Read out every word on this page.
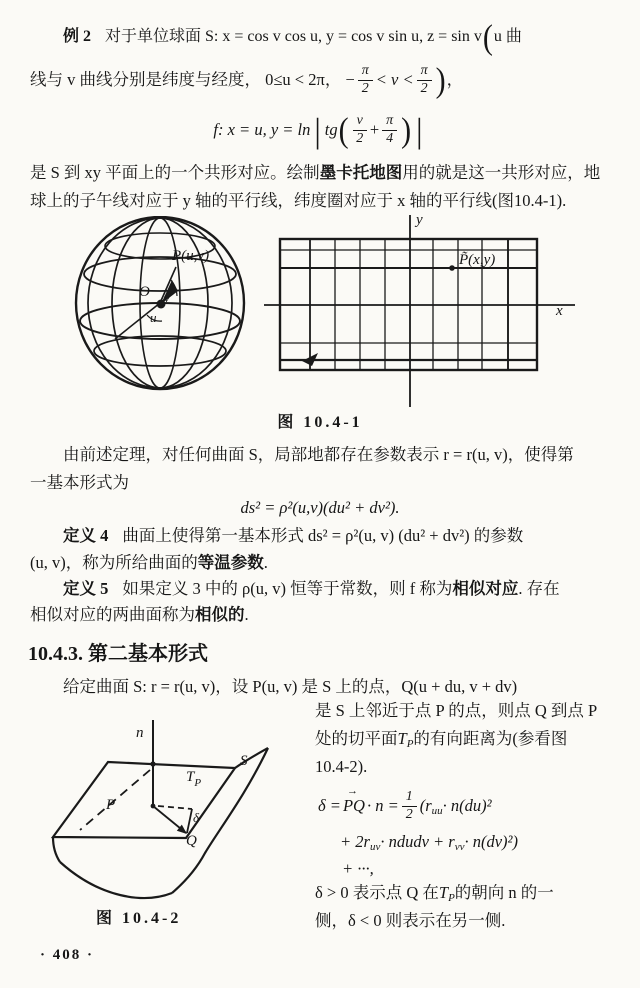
例 2 对于单位球面 S: x = cos v cos u, y = cos v sin u, z = sin v ( u 曲
线与 v 曲线分别是纬度与经度， 0≤u < 2π， − $\frac{\pi}{2} < v < \frac{\pi}{2}$ ) ，
f: x = u, y = ln | tg ( $\frac{v}{2} + \frac{\pi}{4}$ ) |
是 S 到 xy 平面上的一个共形对应。绘制 墨卡托地图 用的就是这一共形对应，地
球上的子午线对应于 y 轴的平行线，纬度圈对应于 x 轴的平行线(图10.4-1).
P(u,v)
O v
u
y
x
P̃(x,y)
图 10.4-1
由前述定理，对任何曲面 S，局部地都存在参数表示 r = r(u, v)，使得第
一基本形式为
ds² = ρ²(u,v)(du² + dv²).
定义 4 曲面上使得第一基本形式 ds² = ρ²(u, v) (du² + dv²) 的参数
(u, v)，称为所给曲面的 等温参数 .
定义 5 如果定义 3 中的 ρ(u, v) 恒等于常数，则 f 称为 相似对应 . 存在
相似对应的两曲面称为 相似的 .
10.4.3. 第二基本形式
给定曲面 S: r = r(u, v)，设 P(u, v) 是 S 上的点，Q(u + du, v + dv)
是 S 上邻近于点 P 的点，则点 Q 到点 P
处的切平面 T P 的有向距离为(参看图
10.4-2).
n
TP
S
P
δ
Q
δ =
→
PQ · $n = \frac{1}{2} (r$ uu · n(du)²
+ 2r uv · ndudv + r vv · n(dv)²)
+ ···,
δ > 0 表示点 Q 在 T P 的朝向 n 的一
侧，δ < 0 则表示在另一侧.
图 10.4-2
· 408 ·
